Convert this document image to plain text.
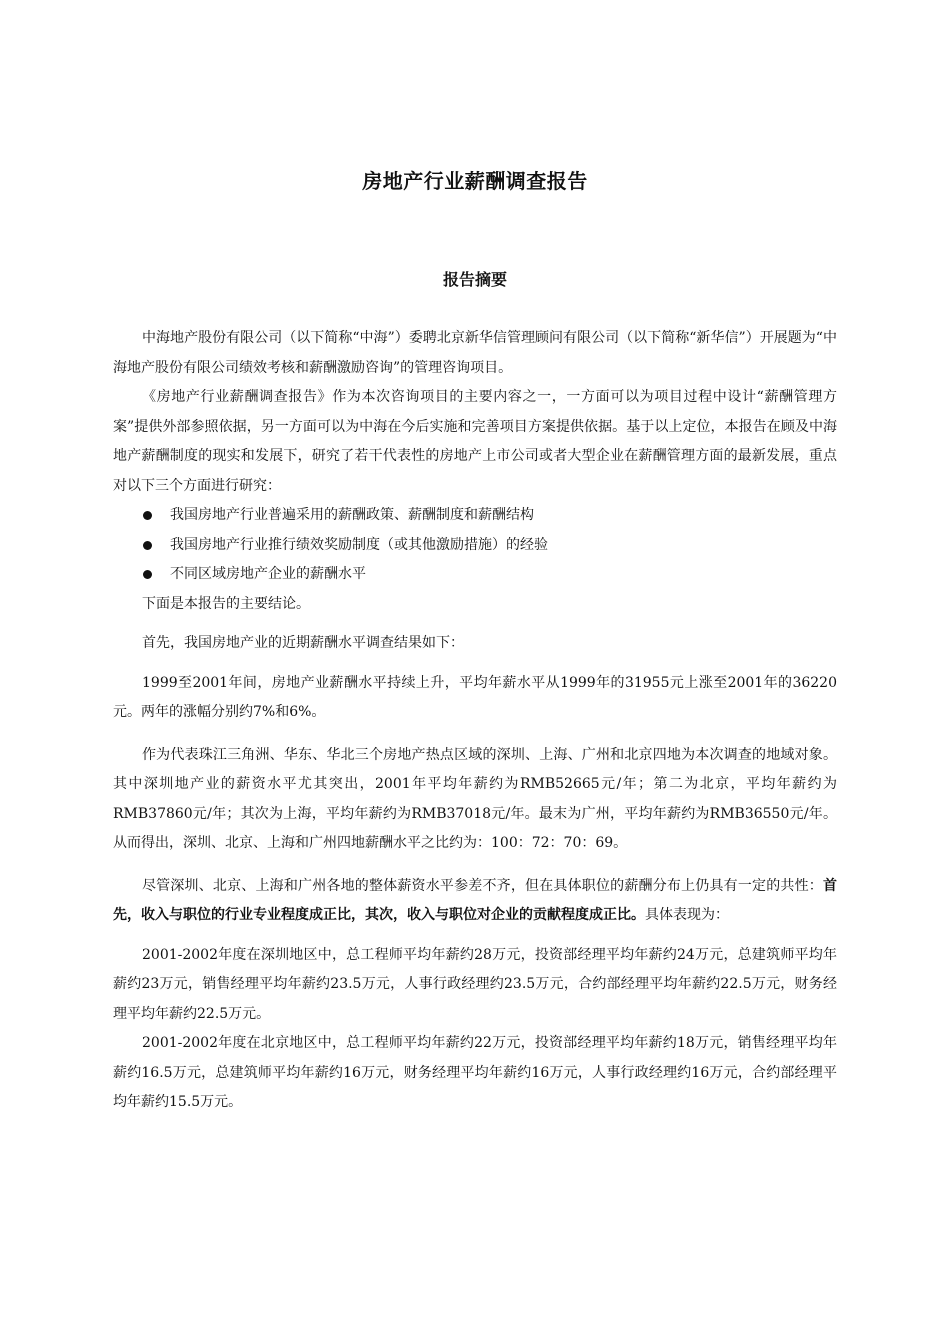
房地产行业薪酬调查报告
报告摘要

中海地产股份有限公司（以下简称“中海”）委聘北京新华信管理顾问有限公司（以下简称“新华信”）开展题为“中海地产股份有限公司绩效考核和薪酬激励咨询”的管理咨询项目。

《房地产行业薪酬调查报告》作为本次咨询项目的主要内容之一，一方面可以为项目过程中设计“薪酬管理方案”提供外部参照依据，另一方面可以为中海在今后实施和完善项目方案提供依据。基于以上定位，本报告在顾及中海地产薪酬制度的现实和发展下，研究了若干代表性的房地产上市公司或者大型企业在薪酬管理方面的最新发展，重点对以下三个方面进行研究：

我国房地产行业普遍采用的薪酬政策、薪酬制度和薪酬结构
我国房地产行业推行绩效奖励制度（或其他激励措施）的经验
不同区域房地产企业的薪酬水平

下面是本报告的主要结论。

首先，我国房地产业的近期薪酬水平调查结果如下：

1999至2001年间，房地产业薪酬水平持续上升，平均年薪水平从1999年的31955元上涨至2001年的36220元。两年的涨幅分别约7%和6%。

作为代表珠江三角洲、华东、华北三个房地产热点区域的深圳、上海、广州和北京四地为本次调查的地域对象。其中深圳地产业的薪资水平尤其突出，2001年平均年薪约为RMB52665元/年；第二为北京，平均年薪约为RMB37860元/年；其次为上海，平均年薪约为RMB37018元/年。最末为广州，平均年薪约为RMB36550元/年。从而得出，深圳、北京、上海和广州四地薪酬水平之比约为：100：72：70：69。

尽管深圳、北京、上海和广州各地的整体薪资水平参差不齐，但在具体职位的薪酬分布上仍具有一定的共性：首先，收入与职位的行业专业程度成正比，其次，收入与职位对企业的贡献程度成正比。具体表现为：

2001-2002年度在深圳地区中，总工程师平均年薪约28万元，投资部经理平均年薪约24万元，总建筑师平均年薪约23万元，销售经理平均年薪约23.5万元，人事行政经理约23.5万元，合约部经理平均年薪约22.5万元，财务经理平均年薪约22.5万元。

2001-2002年度在北京地区中，总工程师平均年薪约22万元，投资部经理平均年薪约18万元，销售经理平均年薪约16.5万元，总建筑师平均年薪约16万元，财务经理平均年薪约16万元，人事行政经理约16万元，合约部经理平均年薪约15.5万元。
